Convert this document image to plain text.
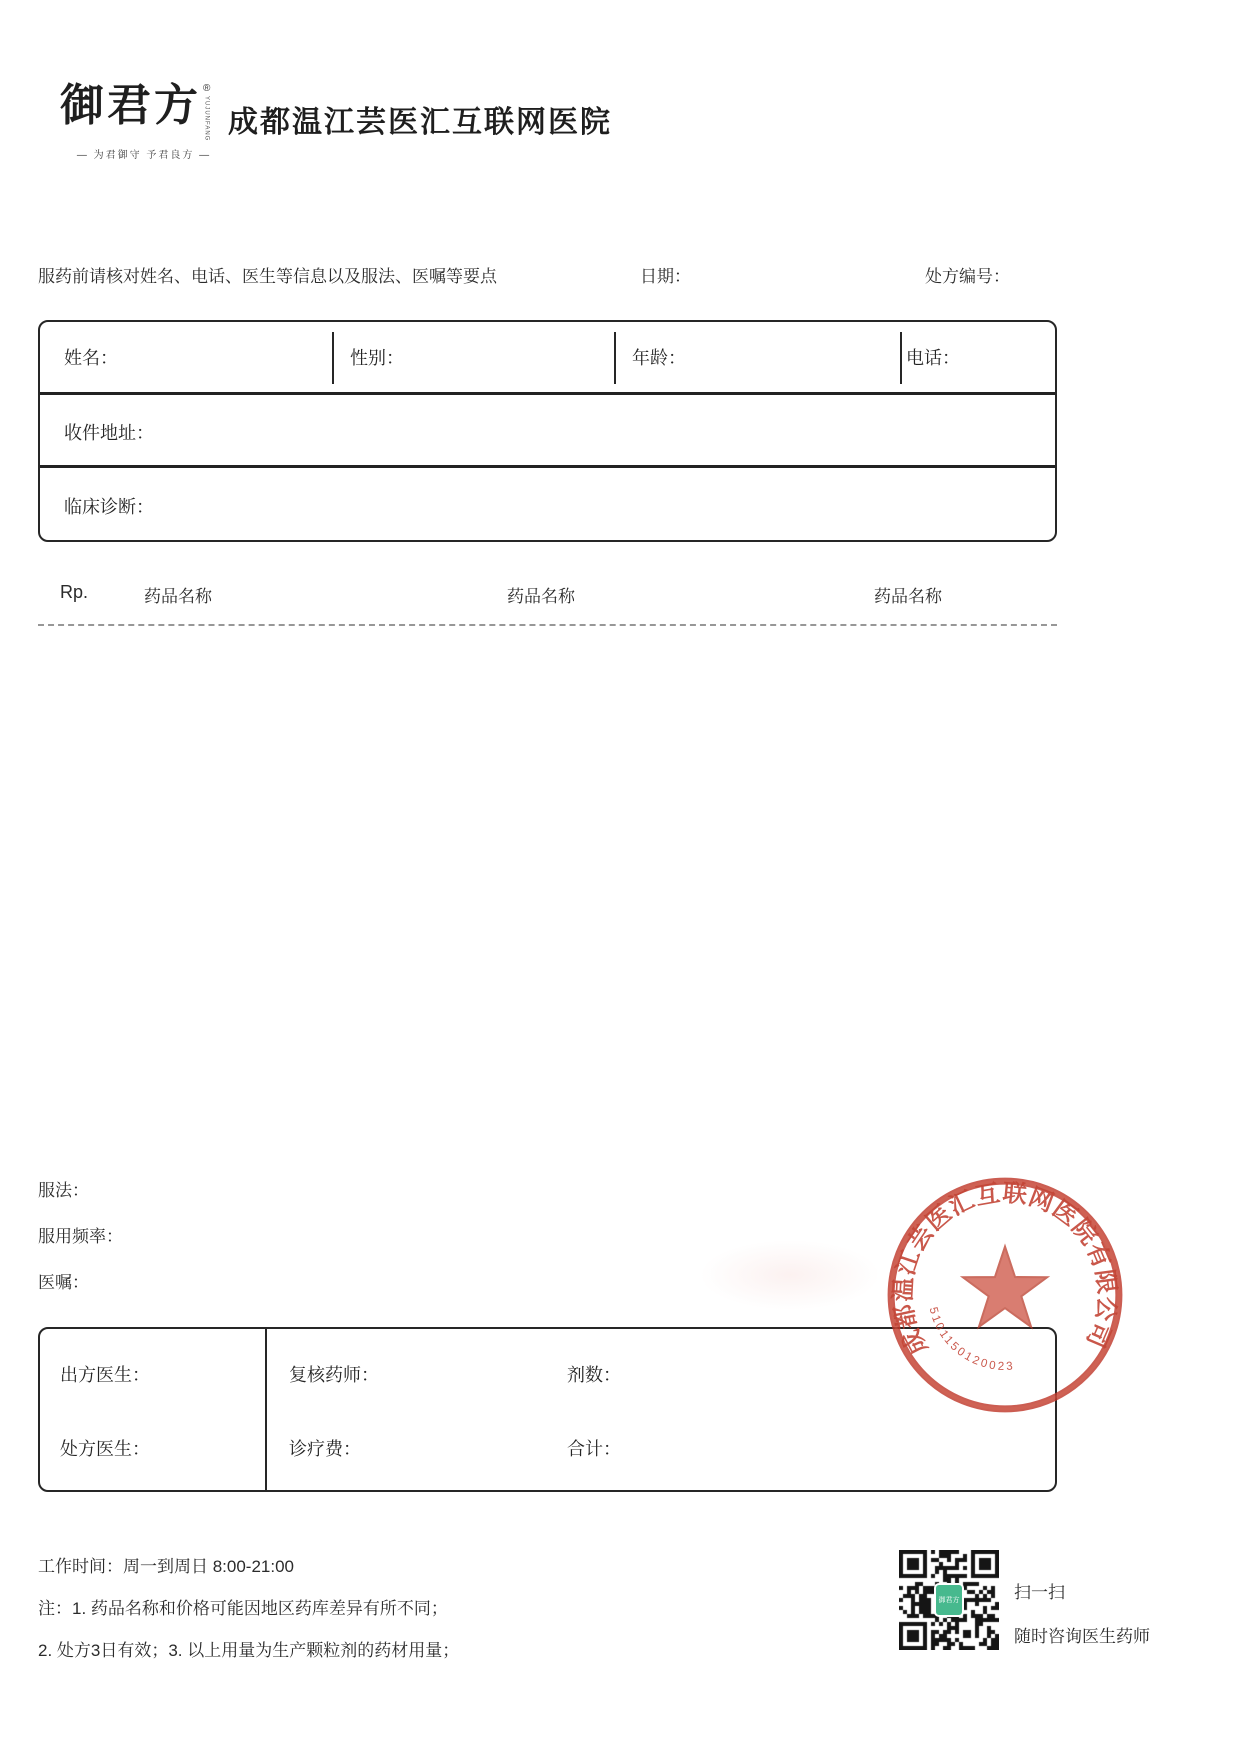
御君方 ®
YUJUNFANG
— 为君御守 予君良方 —
成都温江芸医汇互联网医院
服药前请核对姓名、电话、医生等信息以及服法、医嘱等要点	日期：	处方编号：
姓名：	性别：	年龄：	电话：
收件地址：
临床诊断：
Rp.	药品名称	药品名称	药品名称
服法：
服用频率：
医嘱：
出方医生：	复核药师：	剂数：
处方医生：	诊疗费：	合计：
成都温江芸医汇互联网医院有限公司
5101150120023
工作时间：周一到周日 8:00-21:00
注：1. 药品名称和价格可能因地区药库差异有所不同；
2. 处方3日有效；3. 以上用量为生产颗粒剂的药材用量；
御君方	扫一扫
随时咨询医生药师
